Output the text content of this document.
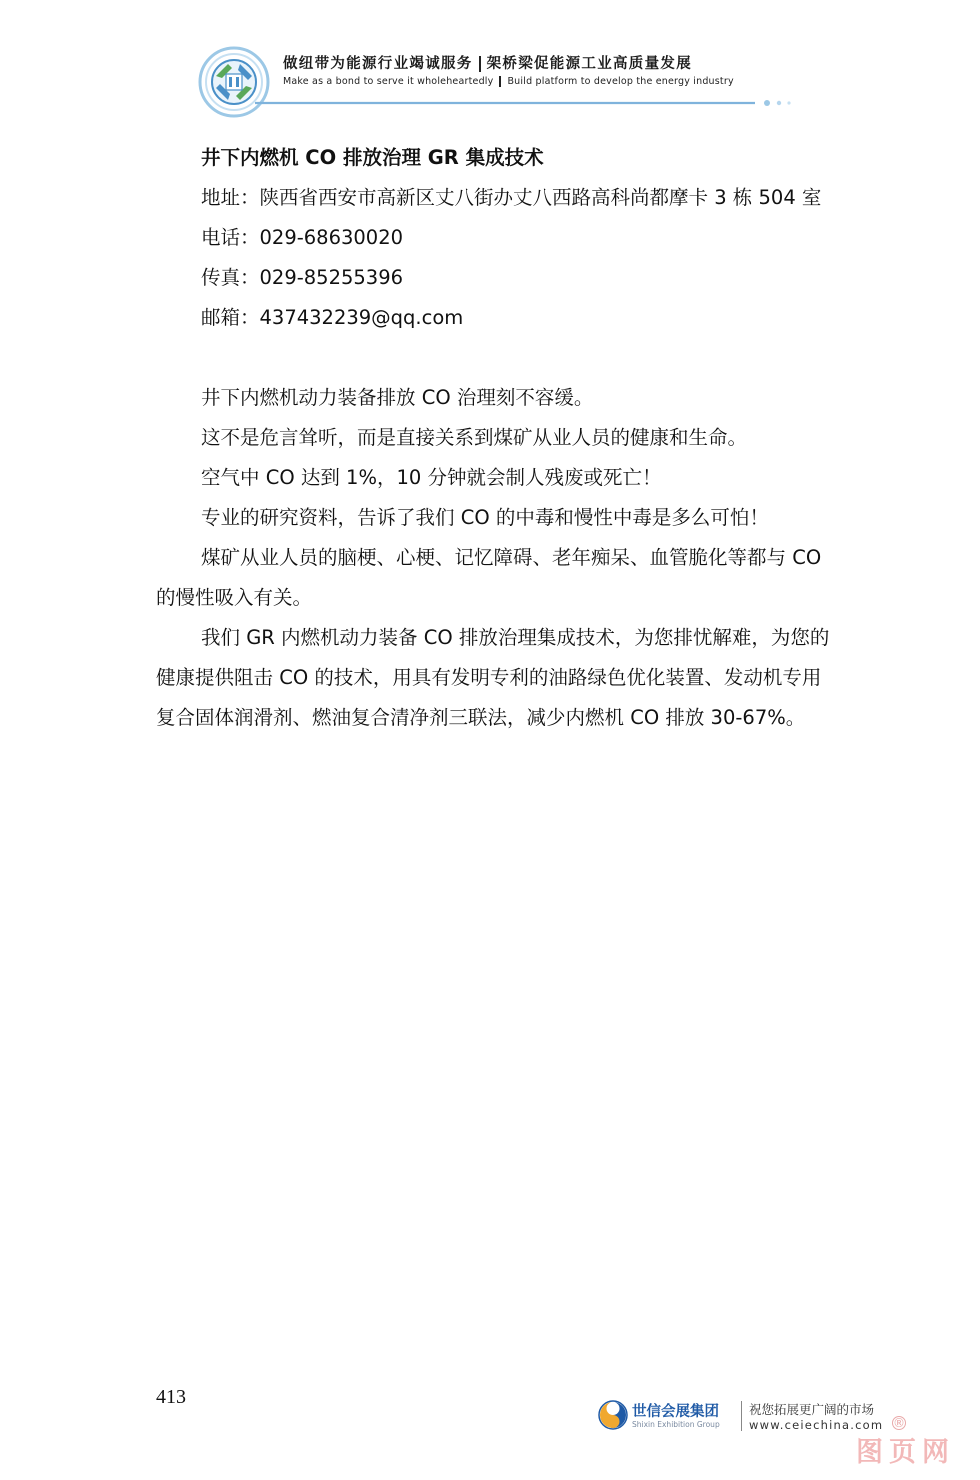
做纽带为能源行业竭诚服务 架桥梁促能源工业高质量发展
Make as a bond to serve it wholeheartedly Build platform to develop the energy industry

井下内燃机 CO 排放治理 GR 集成技术

地址：陕西省西安市高新区丈八街办丈八西路高科尚都摩卡 3 栋 504 室

电话：029-68630020

传真：029-85255396

邮箱：437432239@qq.com

井下内燃机动力装备排放 CO 治理刻不容缓。

这不是危言耸听，而是直接关系到煤矿从业人员的健康和生命。

空气中 CO 达到 1%，10 分钟就会制人残废或死亡！

专业的研究资料，告诉了我们 CO 的中毒和慢性中毒是多么可怕！

煤矿从业人员的脑梗、心梗、记忆障碍、老年痴呆、血管脆化等都与 CO

的慢性吸入有关。

我们 GR 内燃机动力装备 CO 排放治理集成技术，为您排忧解难，为您的

健康提供阻击 CO 的技术，用具有发明专利的油路绿色优化装置、发动机专用

复合固体润滑剂、燃油复合清净剂三联法，减少内燃机 CO 排放 30-67%。

413
世信会展集团
Shixin Exhibition Group
祝您拓展更广阔的市场
www.ceiechina.com ®
图页网
